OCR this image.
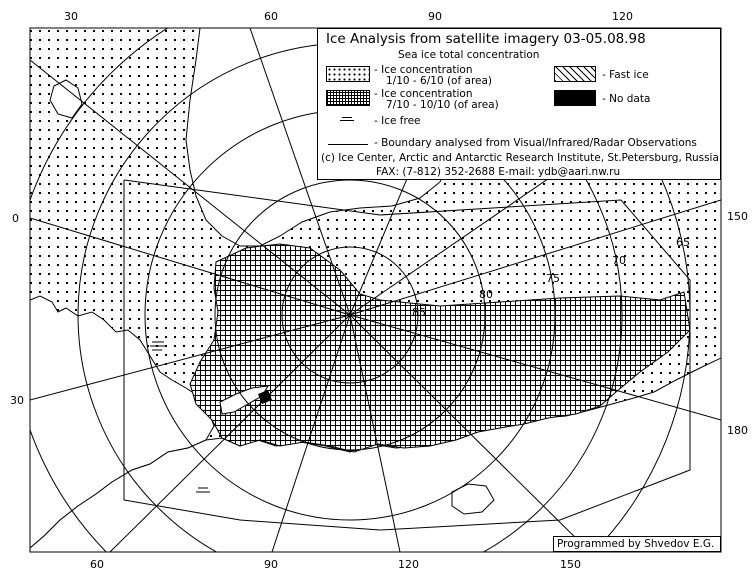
30	60	90	120
60	90	120	150
0
30
150
180
85
80
75
70
65
Ice Analysis from satellite imagery 03-05.08.98
Sea ice total concentration
- Ice concentration
1/10 - 6/10 (of area)
- Ice concentration
7/10 - 10/10 (of area)
- Ice free
- Fast ice
- No data
- Boundary analysed from Visual/Infrared/Radar Observations
(c) Ice Center, Arctic and Antarctic Research Institute, St.Petersburg, Russia
FAX: (7-812) 352-2688 E-mail: ydb@aari.nw.ru
Programmed by Shvedov E.G.
